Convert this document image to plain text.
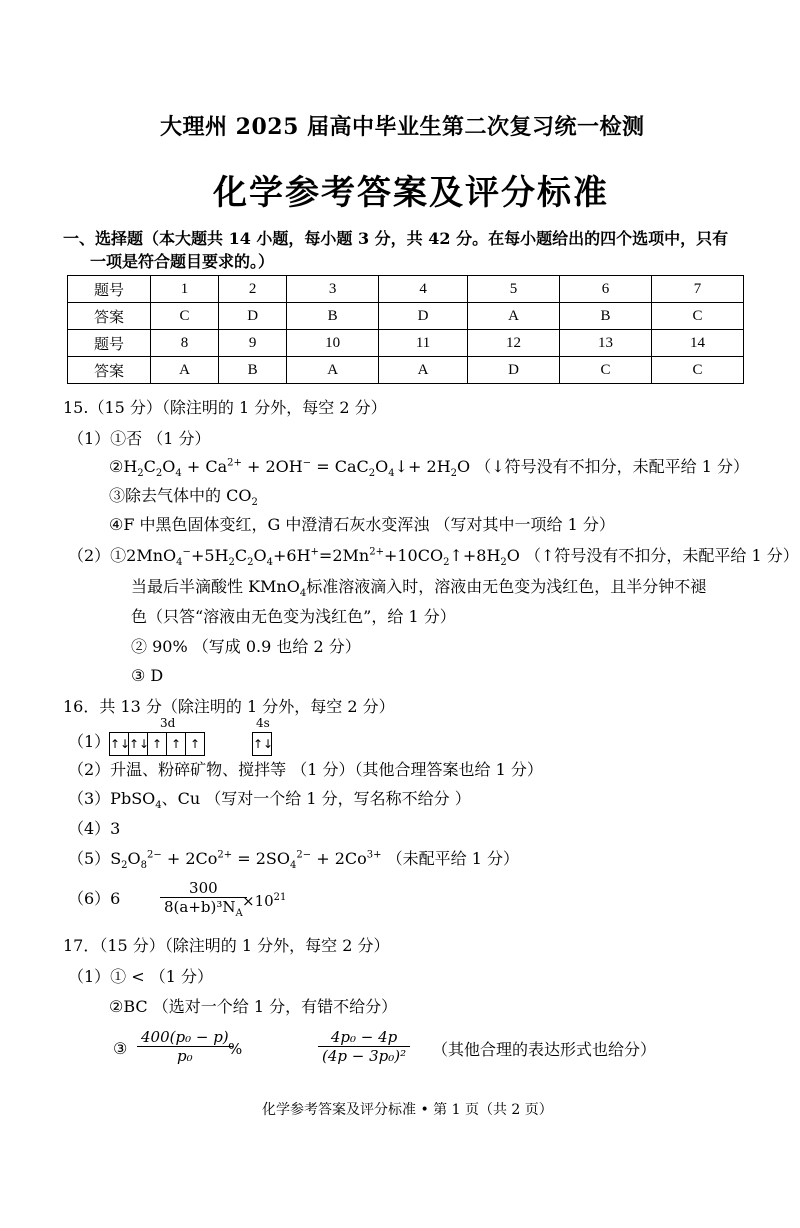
大理州 2025 届高中毕业生第二次复习统一检测
化学参考答案及评分标准
一、选择题（本大题共 14 小题，每小题 3 分，共 42 分。在每小题给出的四个选项中，只有
一项是符合题目要求的。）
题号	1	2	3	4	5	6	7
答案	C	D	B	D	A	B	C
题号	8	9	10	11	12	13	14
答案	A	B	A	A	D	C	C
15.（15 分）（除注明的 1 分外，每空 2 分）
（1）①否 （1 分）
$②H_2C_2O_4 + Ca^{2+} + 2OH^-$ = $CaC_2O_4↓+ 2H_2O$ （↓符号没有不扣分，未配平给 1 分）
③除去气体中的 $CO_2$
④F 中黑色固体变红，G 中澄清石灰水变浑浊 （写对其中一项给 1 分）
$(2)①2MnO_4^-+5H_2C_2O_4+6H^+=2Mn^{2+}+10CO_2↑+8H_2O$ （↑符号没有不扣分，未配平给 1 分）
当最后半滴酸性 KMnO$_4$标准溶液滴入时，溶液由无色变为浅红色，且半分钟不褪
色（只答“溶液由无色变为浅红色”，给 1 分）
② 90% （写成 0.9 也给 2 分）
③ D
16．共 13 分（除注明的 1 分外，每空 2 分）
（1）
3d	4s
↑↓
↑↓ ↑ ↑ ↑	↑↓
（2）升温、粉碎矿物、搅拌等 （1 分）（其他合理答案也给 1 分）
（3）PbSO$_4$、Cu （写对一个给 1 分，写名称不给分 ）
（4）3
$(5)S_2O_8^{2-} + 2Co^{2+} = 2SO_4^{2-} + 2Co^{3+}$ （未配平给 1 分）
（6）6	$\frac{300}{8(a+b)^3N_A}$
$\times 10^{21}$
17．（15 分）（除注明的 1 分外，每空 2 分）
（1）① < （1 分）
②BC （选对一个给 1 分，有错不给分）
③ $\frac{\text{400(p₀ − p)}}{\text{p₀}}$
%	$\frac{\text{4p₀ − 4p}}{\text{(4p − 3p₀)²}}$ （其他合理的表达形式也给分）
化学参考答案及评分标准 • 第 1 页（共 2 页）
